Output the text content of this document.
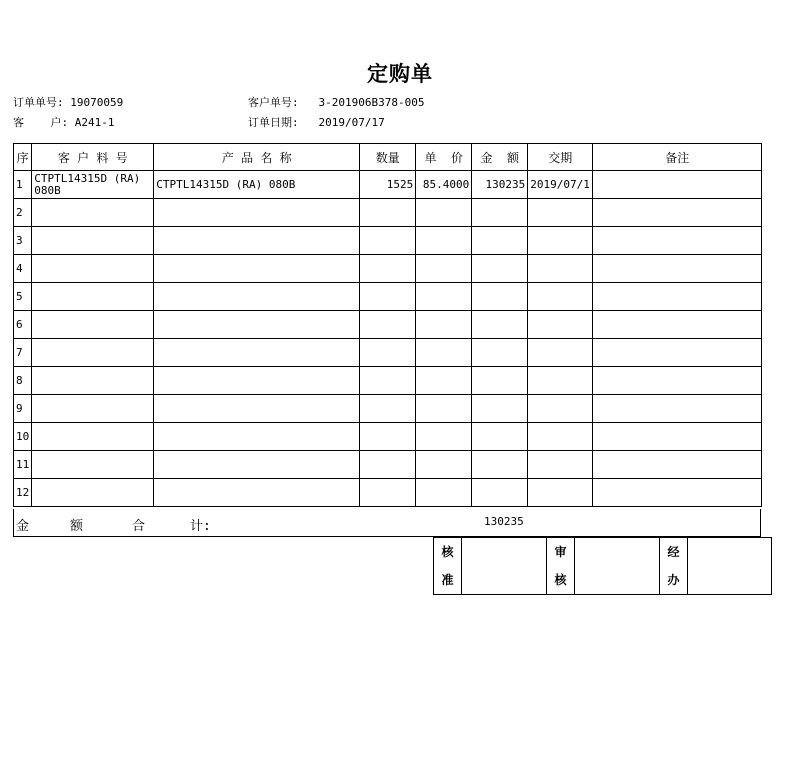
定购单
订单单号: 19070059
客    户: A241-1
客户单号: 3-201906B378-005
订单日期: 2019/07/17
序	客 户 料 号	产 品 名 称	数量	单  价	金  额	交期	备注
1	CTPTL14315D (RA) 080B	CTPTL14315D (RA) 080B	1525	85.4000	130235	2019/07/1	
2							
3							
4							
5							
6							
7							
8							
9							
10							
11							
12							
金	额	合	计:	130235
核
准

审
核

经
办
